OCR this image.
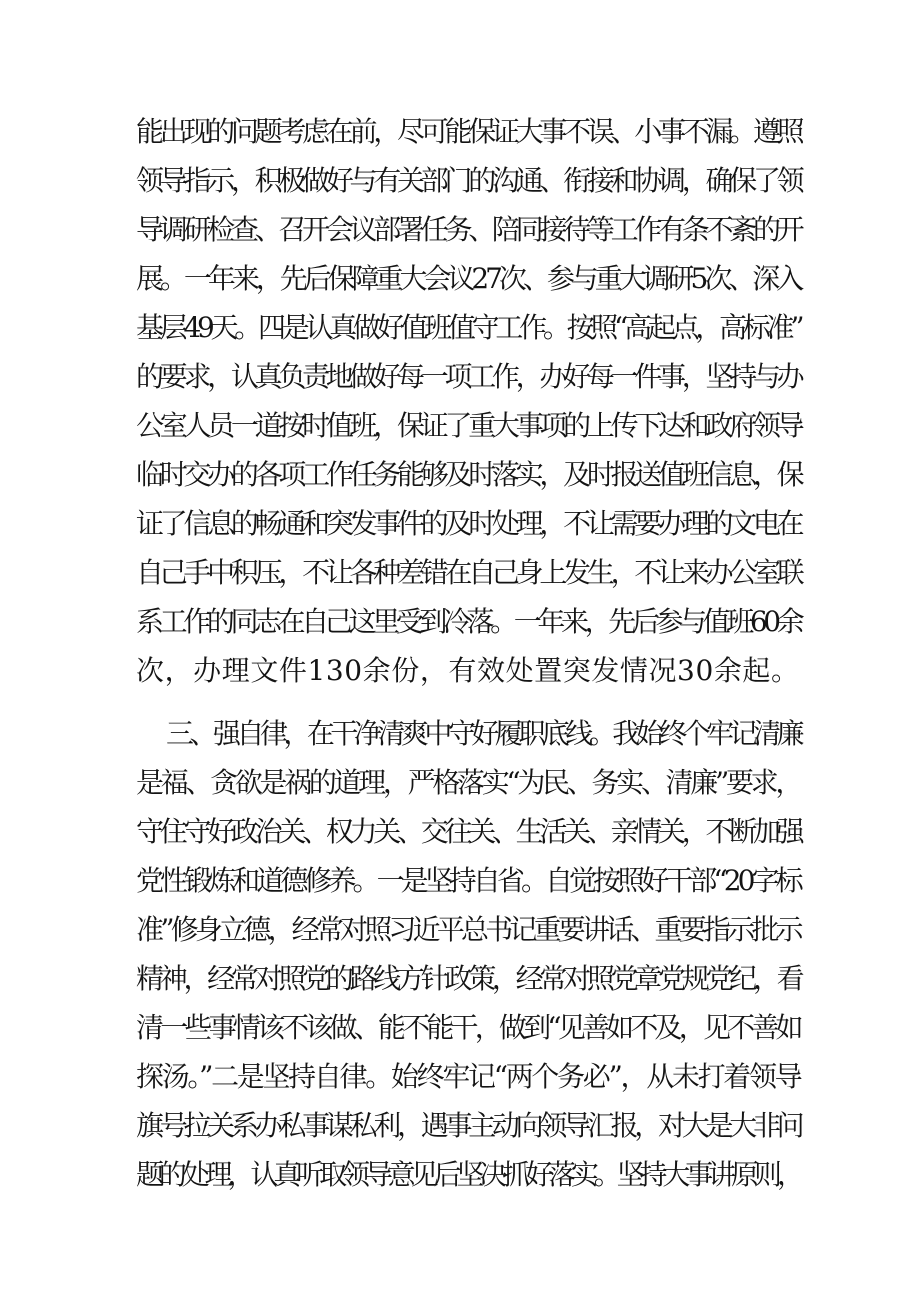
能出现的问题考虑在前，尽可能保证大事不误、小事不漏。遵照
领导指示，积极做好与有关部门的沟通、衔接和协调，确保了领
导调研检查、召开会议部署任务、陪同接待等工作有条不紊的开
展。一年来，先后保障重大会议27次、参与重大调研5次、深入
基层49天。四是认真做好值班值守工作。按照“高起点，高标准”
的要求，认真负责地做好每一项工作，办好每一件事，坚持与办
公室人员一道按时值班，保证了重大事项的上传下达和政府领导
临时交办的各项工作任务能够及时落实，及时报送值班信息，保
证了信息的畅通和突发事件的及时处理，不让需要办理的文电在
自己手中积压，不让各种差错在自己身上发生，不让来办公室联
系工作的同志在自己这里受到冷落。一年来，先后参与值班60余
次，办理文件130余份，有效处置突发情况30余起。
三、强自律，在干净清爽中守好履职底线。我始终个牢记清廉
是福、贪欲是祸的道理，严格落实“为民、务实、清廉”要求，
守住守好政治关、权力关、交往关、生活关、亲情关，不断加强
党性锻炼和道德修养。一是坚持自省。自觉按照好干部“20字标
准”修身立德，经常对照习近平总书记重要讲话、重要指示批示
精神，经常对照党的路线方针政策，经常对照党章党规党纪，看
清一些事情该不该做、能不能干，做到“见善如不及，见不善如
探汤。”二是坚持自律。始终牢记“两个务必”，从未打着领导
旗号拉关系办私事谋私利，遇事主动向领导汇报，对大是大非问
题的处理，认真听取领导意见后坚决抓好落实。坚持大事讲原则，
